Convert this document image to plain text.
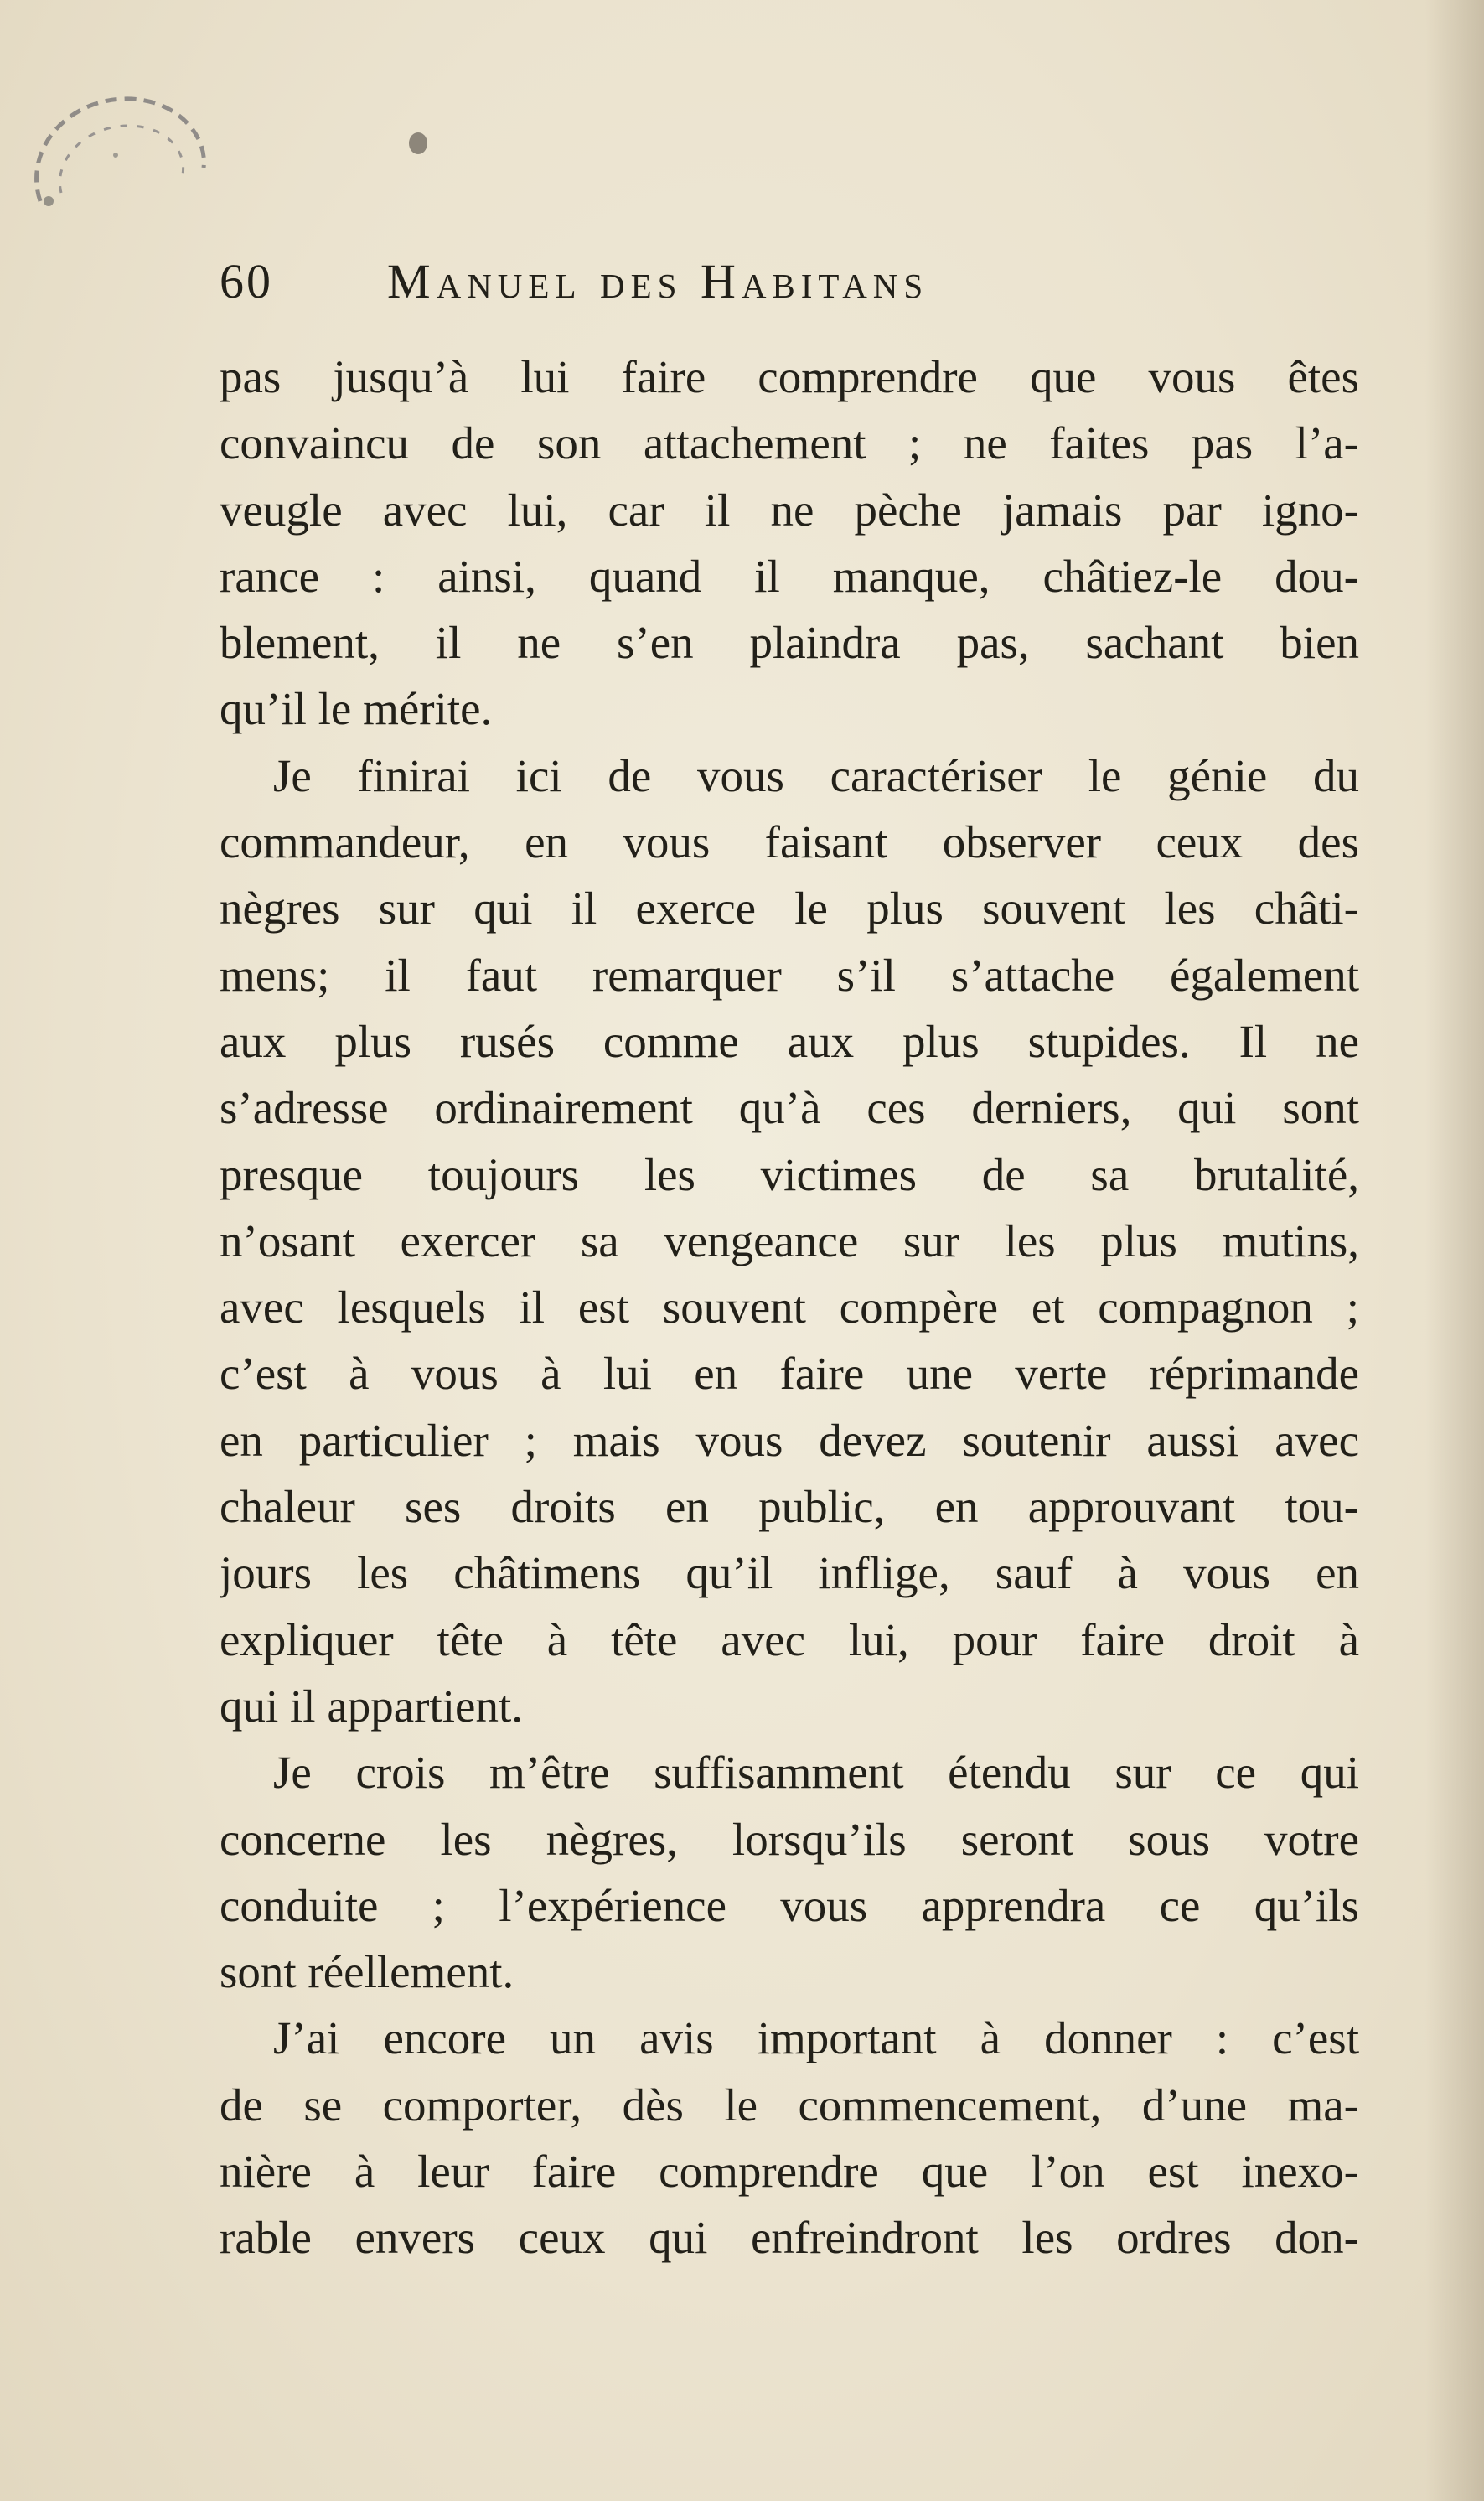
60 Manuel des Habitans
pas jusqu’à lui faire comprendre que vous êtes
convaincu de son attachement ; ne faites pas l’a-
veugle avec lui, car il ne pèche jamais par igno-
rance : ainsi, quand il manque, châtiez-le dou-
blement, il ne s’en plaindra pas, sachant bien
qu’il le mérite.
Je finirai ici de vous caractériser le génie du
commandeur, en vous faisant observer ceux des
nègres sur qui il exerce le plus souvent les châti-
mens; il faut remarquer s’il s’attache également
aux plus rusés comme aux plus stupides. Il ne
s’adresse ordinairement qu’à ces derniers, qui sont
presque toujours les victimes de sa brutalité,
n’osant exercer sa vengeance sur les plus mutins,
avec lesquels il est souvent compère et compagnon ;
c’est à vous à lui en faire une verte réprimande
en particulier ; mais vous devez soutenir aussi avec
chaleur ses droits en public, en approuvant tou-
jours les châtimens qu’il inflige, sauf à vous en
expliquer tête à tête avec lui, pour faire droit à
qui il appartient.
Je crois m’être suffisamment étendu sur ce qui
concerne les nègres, lorsqu’ils seront sous votre
conduite ; l’expérience vous apprendra ce qu’ils
sont réellement.
J’ai encore un avis important à donner : c’est
de se comporter, dès le commencement, d’une ma-
nière à leur faire comprendre que l’on est inexo-
rable envers ceux qui enfreindront les ordres don-
